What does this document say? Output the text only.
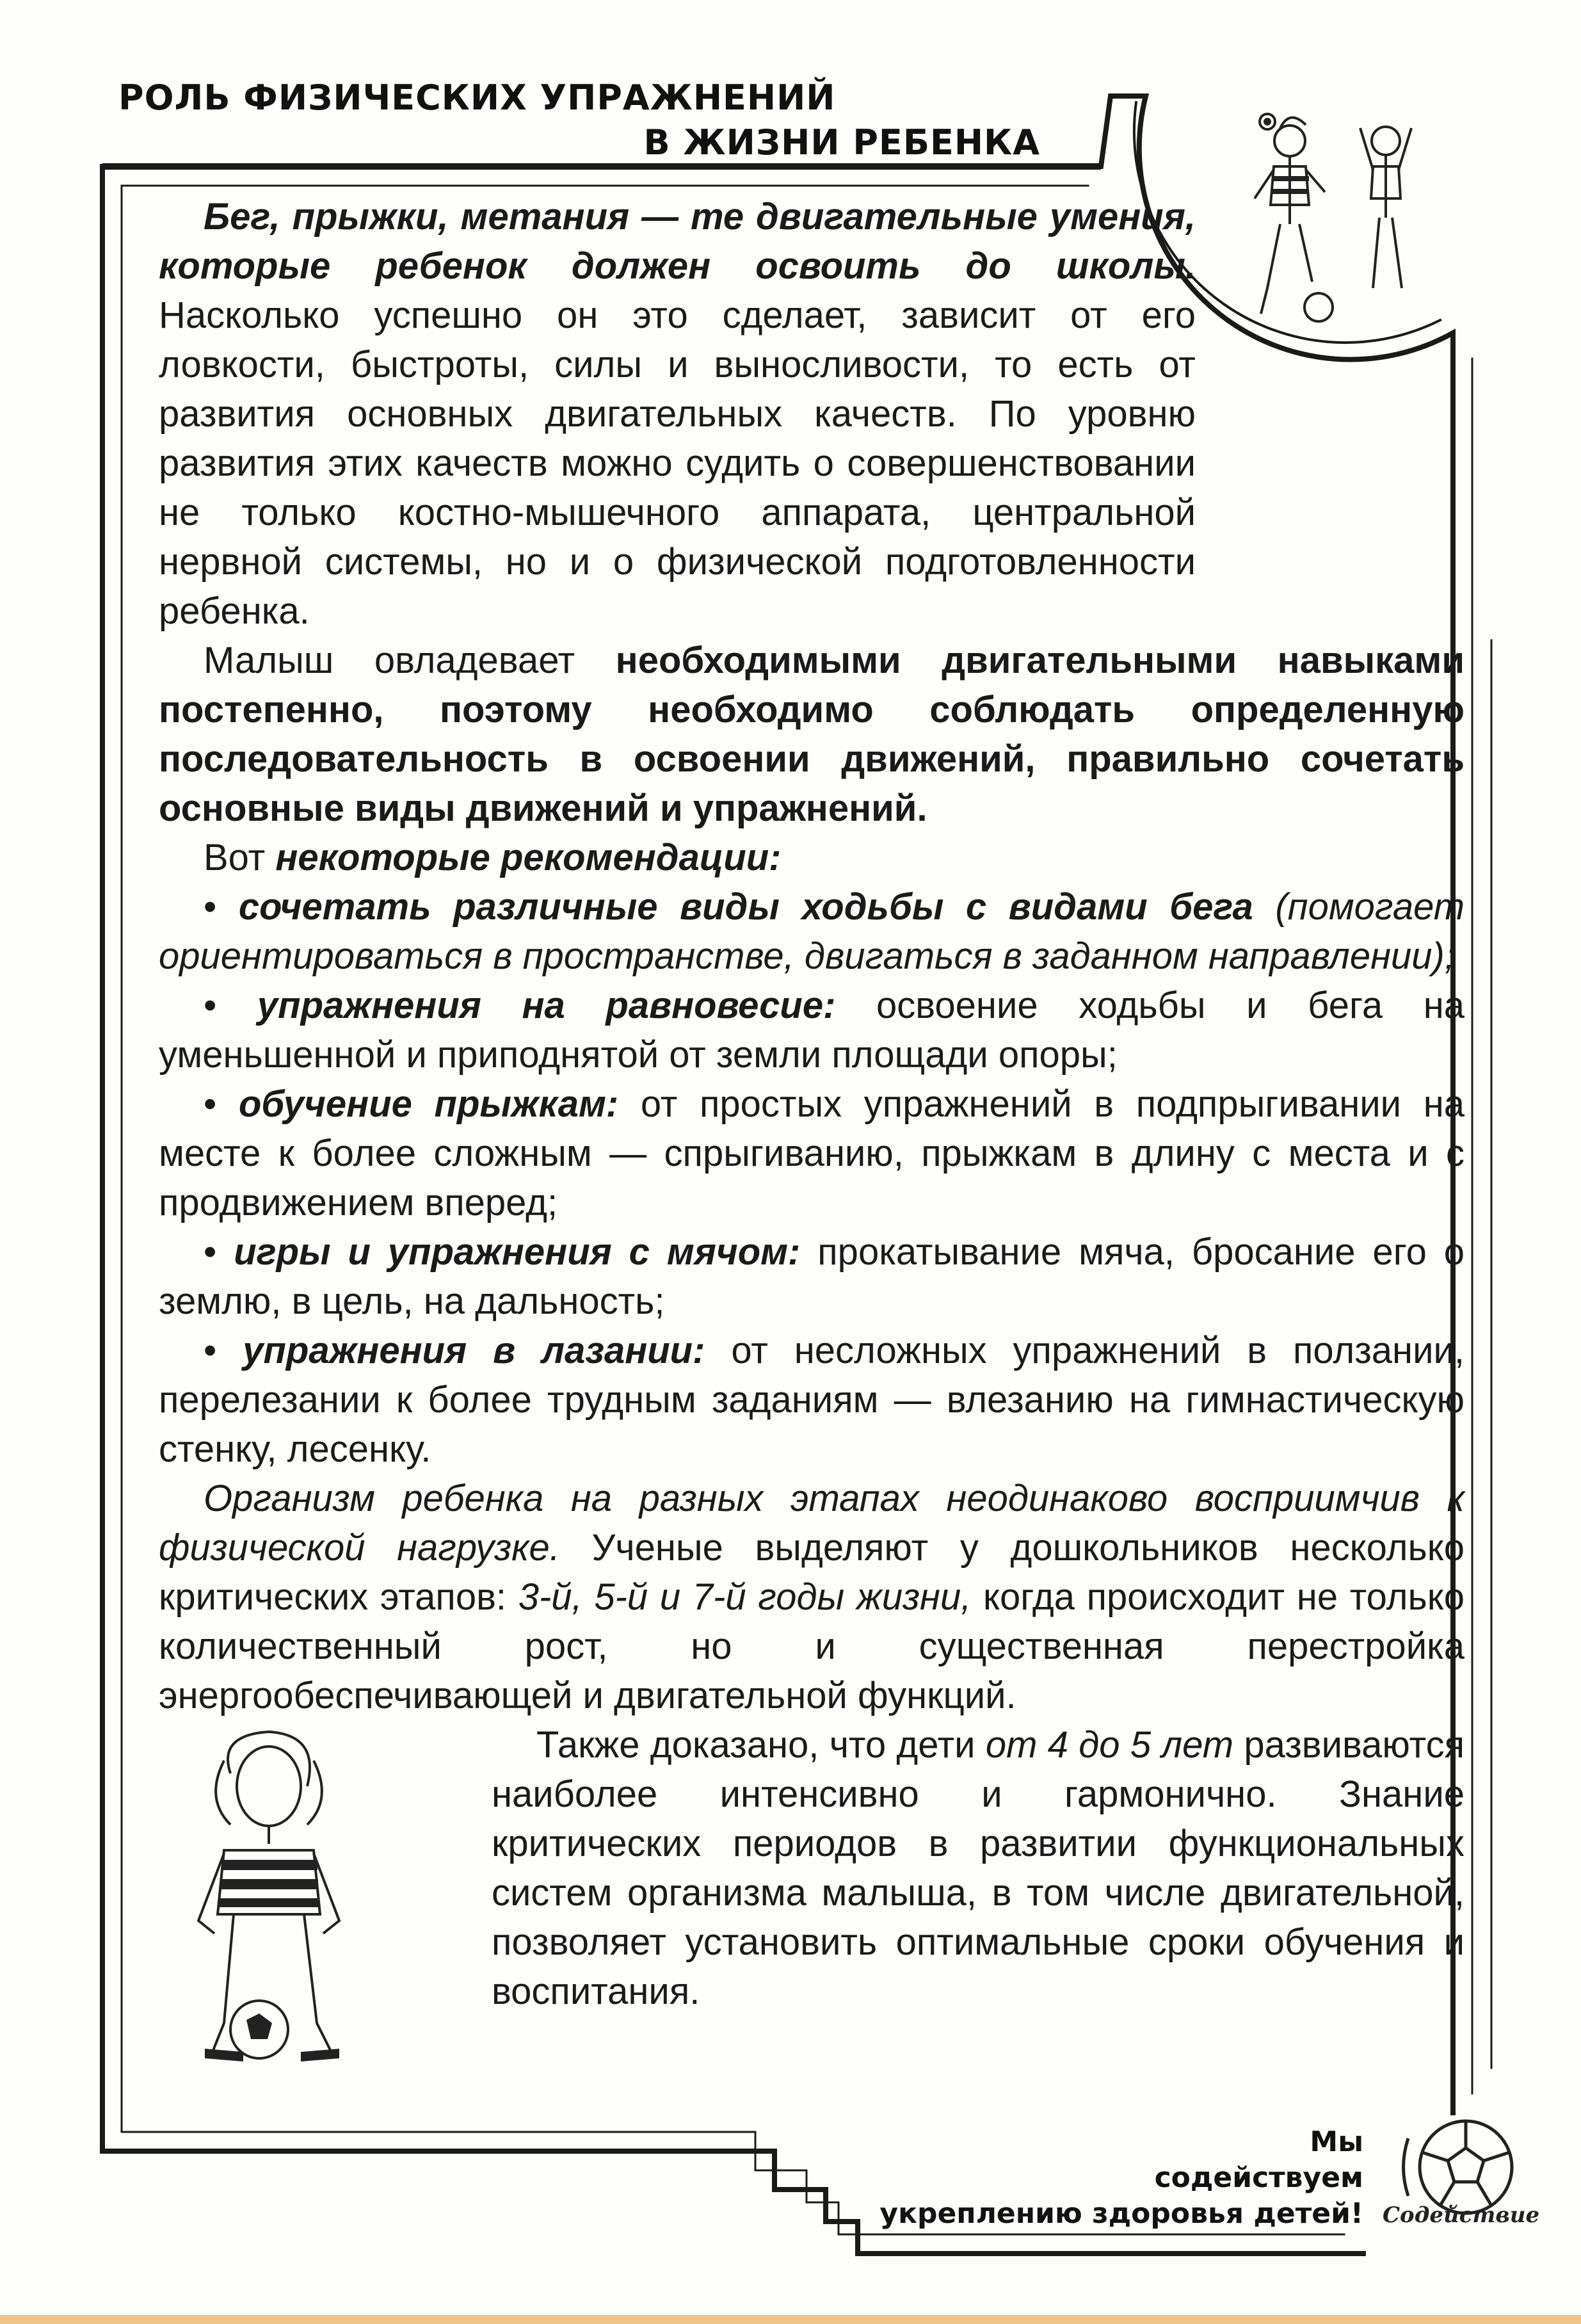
РОЛЬ ФИЗИЧЕСКИХ УПРАЖНЕНИЙ
В ЖИЗНИ РЕБЕНКА

Бег, прыжки, метания — те двигательные умения, которые ребенок должен освоить до школы. Насколько успешно он это сделает, зависит от его ловкости, быстроты, силы и выносливости, то есть от развития основных двигательных качеств. По уровню развития этих качеств можно судить о совершенствовании не только костно-мышечного аппарата, центральной нервной системы, но и о физической подготовленности ребенка.

Малыш овладевает необходимыми двигательными навыками постепенно, поэтому необходимо соблюдать определенную последовательность в освоении движений, правильно сочетать основные виды движений и упражнений.

Вот некоторые рекомендации:

• сочетать различные виды ходьбы с видами бега (помогает ориентироваться в пространстве, двигаться в заданном направлении);

• упражнения на равновесие: освоение ходьбы и бега на уменьшенной и приподнятой от земли площади опоры;

• обучение прыжкам: от простых упражнений в подпрыгивании на месте к более сложным — спрыгиванию, прыжкам в длину с места и с продвижением вперед;

• игры и упражнения с мячом: прокатывание мяча, бросание его о землю, в цель, на дальность;

• упражнения в лазании: от несложных упражнений в ползании, перелезании к более трудным заданиям — влезанию на гимнастическую стенку, лесенку.

Организм ребенка на разных этапах неодинаково восприимчив к физической нагрузке. Ученые выделяют у дошкольников несколько критических этапов: 3-й, 5-й и 7-й годы жизни, когда происходит не только количественный рост, но и существенная перестройка энергообеспечивающей и двигательной функций.

Также доказано, что дети от 4 до 5 лет развиваются наиболее интенсивно и гармонично. Знание критических периодов в развитии функциональных систем организма малыша, в том числе двигательной, позволяет установить оптимальные сроки обучения и воспитания.

Мы
содействуем
укреплению здоровья детей! Содействие
